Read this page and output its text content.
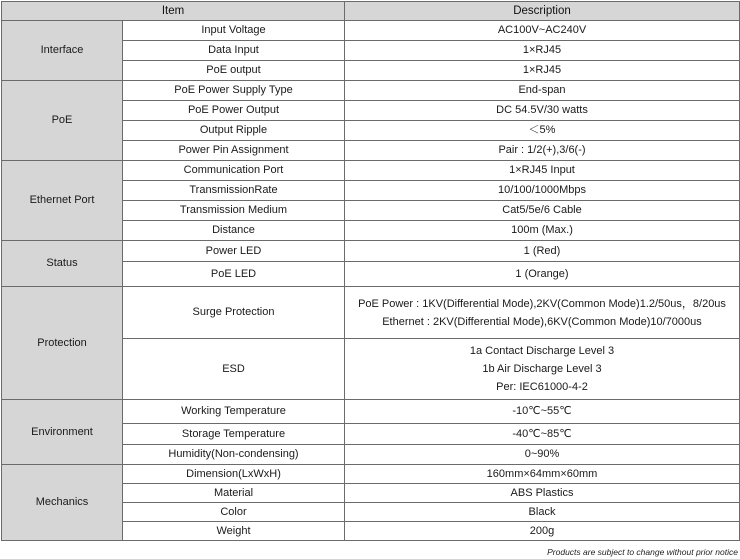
Item		Description
Interface	Input Voltage	AC100V~AC240V
	Data Input	1×RJ45
	PoE output	1×RJ45
PoE	PoE Power Supply Type	End-span
	PoE Power Output	DC 54.5V/30 watts
	Output Ripple	＜5%
	Power Pin Assignment	Pair : 1/2(+),3/6(-)
Ethernet Port	Communication Port	1×RJ45 Input
	TransmissionRate	10/100/1000Mbps
	Transmission Medium	Cat5/5e/6 Cable
	Distance	100m (Max.)
Status	Power LED	1 (Red)
	PoE LED	1 (Orange)
Protection	Surge Protection	PoE Power : 1KV(Differential Mode),2KV(Common Mode)1.2/50us，8/20us
Ethernet : 2KV(Differential Mode),6KV(Common Mode)10/7000us

	ESD	1a Contact Discharge Level 3
1b Air Discharge Level 3
Per: IEC61000-4-2

Environment	Working Temperature	-10℃~55℃
	Storage Temperature	-40℃~85℃
	Humidity(Non-condensing)	0~90%
Mechanics	Dimension(LxWxH)	160mm×64mm×60mm
	Material	ABS Plastics
	Color	Black
	Weight	200g
Products are subject to change without prior notice
